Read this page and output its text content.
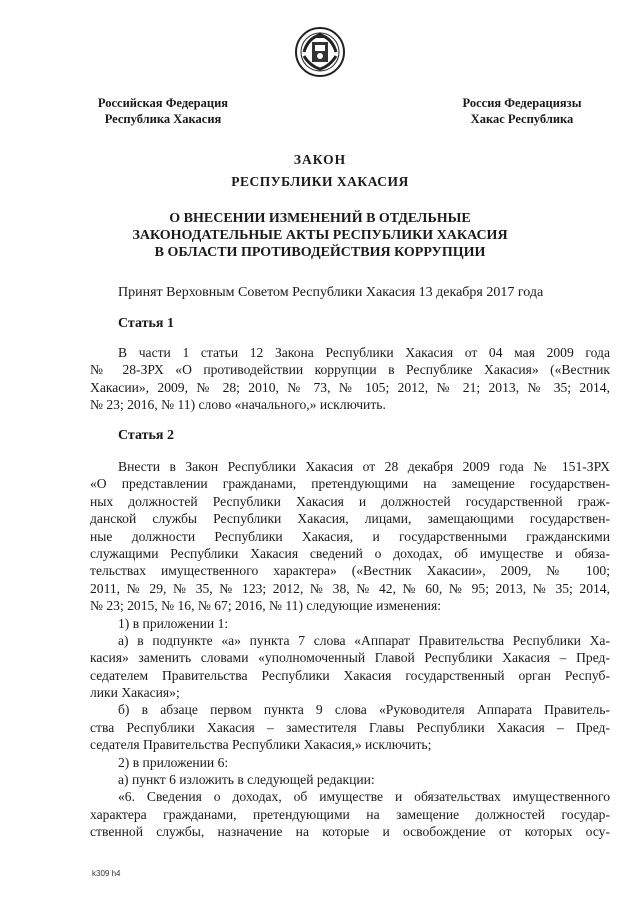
Российская Федерация
Республика Хакасия
Россия Федерациязы
Хакас Республика
ЗАКОН
РЕСПУБЛИКИ ХАКАСИЯ
О ВНЕСЕНИИ ИЗМЕНЕНИЙ В ОТДЕЛЬНЫЕ
ЗАКОНОДАТЕЛЬНЫЕ АКТЫ РЕСПУБЛИКИ ХАКАСИЯ
В ОБЛАСТИ ПРОТИВОДЕЙСТВИЯ КОРРУПЦИИ
Принят Верховным Советом Республики Хакасия 13 декабря 2017 года
Статья 1
В части 1 статьи 12 Закона Республики Хакасия от 04 мая 2009 года
№ 28-ЗРХ «О противодействии коррупции в Республике Хакасия» («Вестник
Хакасии», 2009, № 28; 2010, № 73, № 105; 2012, № 21; 2013, № 35; 2014,
№ 23; 2016, № 11) слово «начального,» исключить.
Статья 2
Внести в Закон Республики Хакасия от 28 декабря 2009 года № 151-ЗРХ
«О представлении гражданами, претендующими на замещение государствен-
ных должностей Республики Хакасия и должностей государственной граж-
данской службы Республики Хакасия, лицами, замещающими государствен-
ные должности Республики Хакасия, и государственными гражданскими
служащими Республики Хакасия сведений о доходах, об имуществе и обяза-
тельствах имущественного характера» («Вестник Хакасии», 2009, № 100;
2011, № 29, № 35, № 123; 2012, № 38, № 42, № 60, № 95; 2013, № 35; 2014,
№ 23; 2015, № 16, № 67; 2016, № 11) следующие изменения:
1) в приложении 1:
а) в подпункте «а» пункта 7 слова «Аппарат Правительства Республики Ха-
касия» заменить словами «уполномоченный Главой Республики Хакасия – Пред-
седателем Правительства Республики Хакасия государственный орган Респуб-
лики Хакасия»;
б) в абзаце первом пункта 9 слова «Руководителя Аппарата Правитель-
ства Республики Хакасия – заместителя Главы Республики Хакасия – Пред-
седателя Правительства Республики Хакасия,» исключить;
2) в приложении 6:
а) пункт 6 изложить в следующей редакции:
«6. Сведения о доходах, об имуществе и обязательствах имущественного
характера гражданами, претендующими на замещение должностей государ-
ственной службы, назначение на которые и освобождение от которых осу-
k309 h4
